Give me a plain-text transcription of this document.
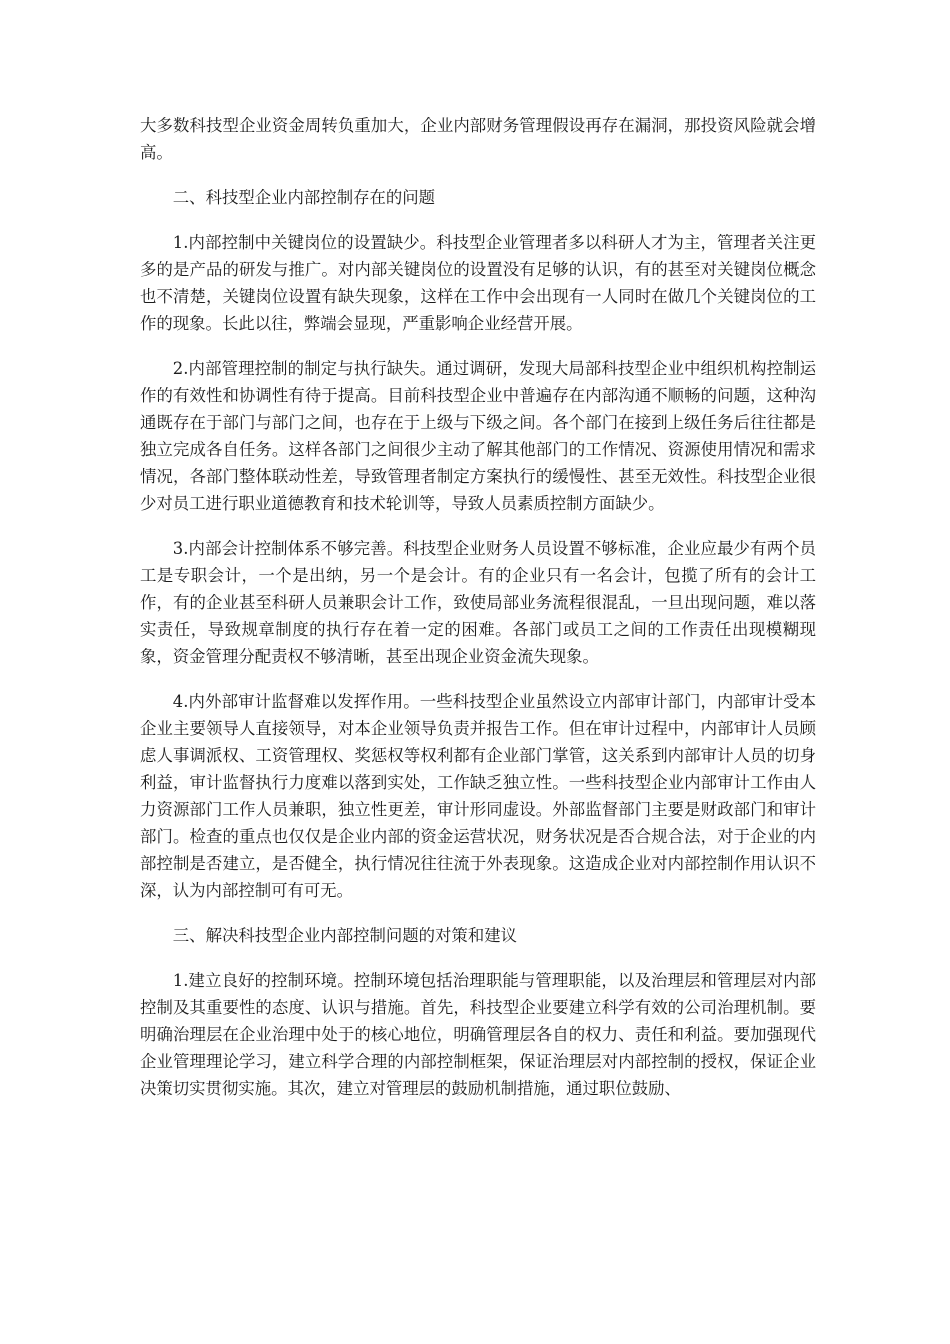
大多数科技型企业资金周转负重加大，企业内部财务管理假设再存在漏洞，那投资风险就会增高。

二、科技型企业内部控制存在的问题

1.内部控制中关键岗位的设置缺少。科技型企业管理者多以科研人才为主，管理者关注更多的是产品的研发与推广。对内部关键岗位的设置没有足够的认识，有的甚至对关键岗位概念也不清楚，关键岗位设置有缺失现象，这样在工作中会出现有一人同时在做几个关键岗位的工作的现象。长此以往，弊端会显现，严重影响企业经营开展。

2.内部管理控制的制定与执行缺失。通过调研，发现大局部科技型企业中组织机构控制运作的有效性和协调性有待于提高。目前科技型企业中普遍存在内部沟通不顺畅的问题，这种沟通既存在于部门与部门之间，也存在于上级与下级之间。各个部门在接到上级任务后往往都是独立完成各自任务。这样各部门之间很少主动了解其他部门的工作情况、资源使用情况和需求情况，各部门整体联动性差，导致管理者制定方案执行的缓慢性、甚至无效性。科技型企业很少对员工进行职业道德教育和技术轮训等，导致人员素质控制方面缺少。

3.内部会计控制体系不够完善。科技型企业财务人员设置不够标准，企业应最少有两个员工是专职会计，一个是出纳，另一个是会计。有的企业只有一名会计，包揽了所有的会计工作，有的企业甚至科研人员兼职会计工作，致使局部业务流程很混乱，一旦出现问题，难以落实责任，导致规章制度的执行存在着一定的困难。各部门或员工之间的工作责任出现模糊现象，资金管理分配责权不够清晰，甚至出现企业资金流失现象。

4.内外部审计监督难以发挥作用。一些科技型企业虽然设立内部审计部门，内部审计受本企业主要领导人直接领导，对本企业领导负责并报告工作。但在审计过程中，内部审计人员顾虑人事调派权、工资管理权、奖惩权等权利都有企业部门掌管，这关系到内部审计人员的切身利益，审计监督执行力度难以落到实处，工作缺乏独立性。一些科技型企业内部审计工作由人力资源部门工作人员兼职，独立性更差，审计形同虚设。外部监督部门主要是财政部门和审计部门。检查的重点也仅仅是企业内部的资金运营状况，财务状况是否合规合法，对于企业的内部控制是否建立，是否健全，执行情况往往流于外表现象。这造成企业对内部控制作用认识不深，认为内部控制可有可无。

三、解决科技型企业内部控制问题的对策和建议

1.建立良好的控制环境。控制环境包括治理职能与管理职能，以及治理层和管理层对内部控制及其重要性的态度、认识与措施。首先，科技型企业要建立科学有效的公司治理机制。要明确治理层在企业治理中处于的核心地位，明确管理层各自的权力、责任和利益。要加强现代企业管理理论学习，建立科学合理的内部控制框架，保证治理层对内部控制的授权，保证企业决策切实贯彻实施。其次，建立对管理层的鼓励机制措施，通过职位鼓励、
